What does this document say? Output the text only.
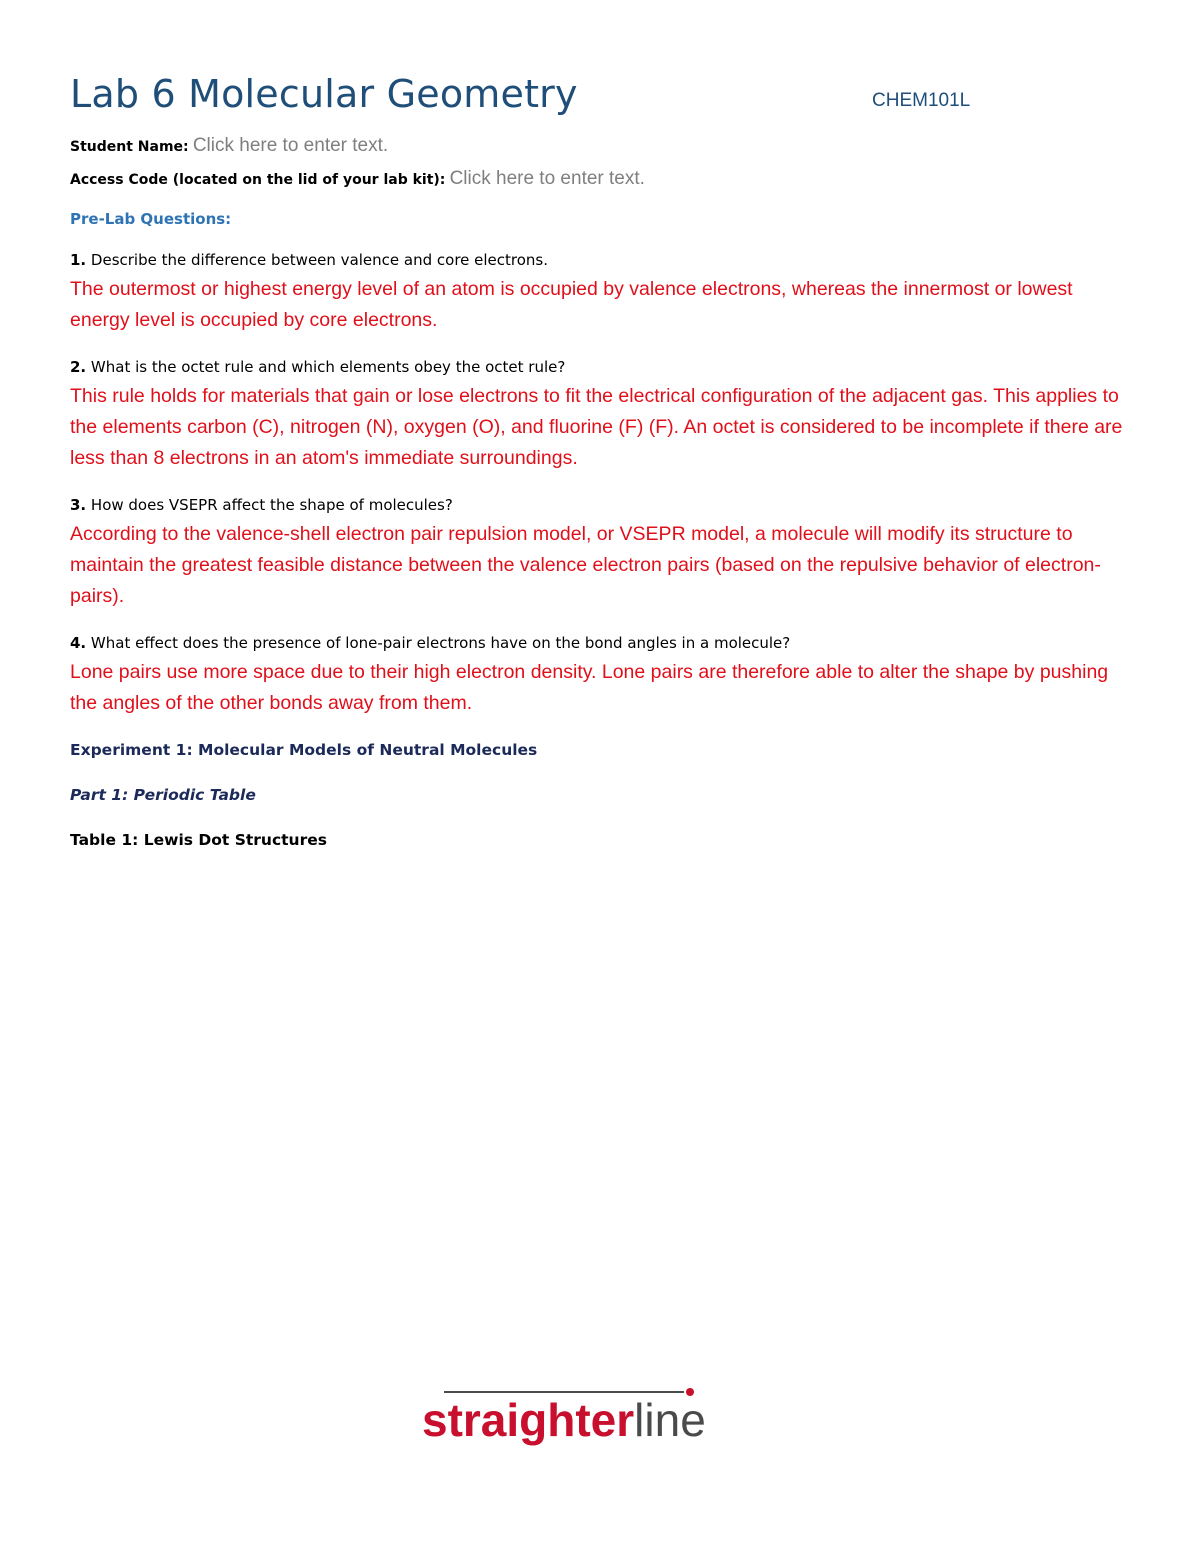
Lab 6 Molecular Geometry	CHEM101L
Student Name: Click here to enter text.
Access Code (located on the lid of your lab kit): Click here to enter text.
Pre-Lab Questions:
1. Describe the difference between valence and core electrons.
The outermost or highest energy level of an atom is occupied by valence electrons, whereas the innermost or lowest energy level is occupied by core electrons.
2. What is the octet rule and which elements obey the octet rule?
This rule holds for materials that gain or lose electrons to fit the electrical configuration of the adjacent gas. This applies to the elements carbon (C), nitrogen (N), oxygen (O), and fluorine (F) (F). An octet is considered to be incomplete if there are less than 8 electrons in an atom's immediate surroundings.
3. How does VSEPR affect the shape of molecules?
According to the valence-shell electron pair repulsion model, or VSEPR model, a molecule will modify its structure to maintain the greatest feasible distance between the valence electron pairs (based on the repulsive behavior of electron-pairs).
4. What effect does the presence of lone-pair electrons have on the bond angles in a molecule?
Lone pairs use more space due to their high electron density. Lone pairs are therefore able to alter the shape by pushing the angles of the other bonds away from them.
Experiment 1: Molecular Models of Neutral Molecules
Part 1: Periodic Table
Table 1: Lewis Dot Structures
straighterline
